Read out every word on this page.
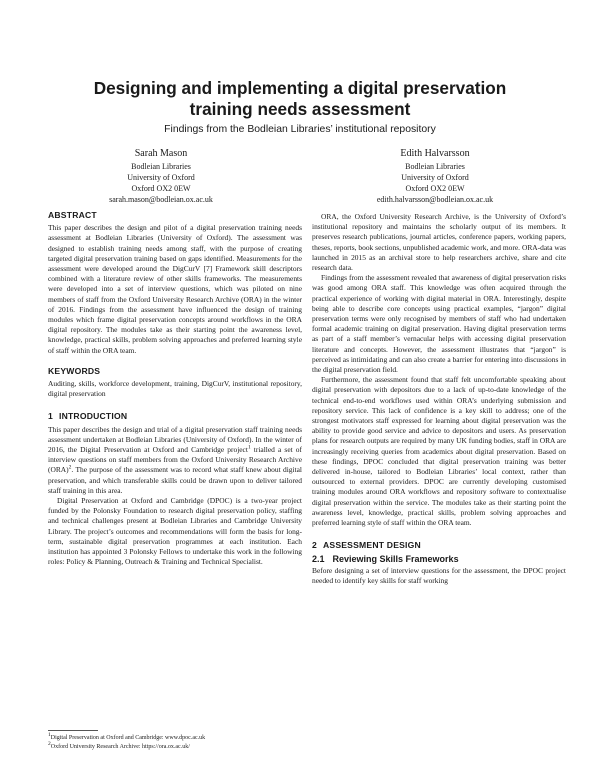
Designing and implementing a digital preservation training needs assessment
Findings from the Bodleian Libraries’ institutional repository
Sarah Mason
Bodleian Libraries
University of Oxford
Oxford OX2 0EW
sarah.mason@bodleian.ox.ac.uk
Edith Halvarsson
Bodleian Libraries
University of Oxford
Oxford OX2 0EW
edith.halvarsson@bodleian.ox.ac.uk
ABSTRACT

This paper describes the design and pilot of a digital preservation training needs assessment at Bodleian Libraries (University of Oxford). The assessment was designed to establish training needs among staff, with the purpose of creating targeted digital preservation training based on gaps identified. Measurements for the assessment were developed around the DigCurV [7] Framework skill descriptors combined with a literature review of other skills frameworks. The measurements were developed into a set of interview questions, which was piloted on nine members of staff from the Oxford University Research Archive (ORA) in the winter of 2016. Findings from the assessment have influenced the design of training modules which frame digital preservation concepts around workflows in the ORA digital repository. The modules take as their starting point the awareness level, knowledge, practical skills, problem solving approaches and preferred learning style of staff within the ORA team.

KEYWORDS

Auditing, skills, workforce development, training, DigCurV, institutional repository, digital preservation

1 INTRODUCTION

This paper describes the design and trial of a digital preservation staff training needs assessment undertaken at Bodleian Libraries (University of Oxford). In the winter of 2016, the Digital Preservation at Oxford and Cambridge project$^1$ trialled a set of interview questions on staff members from the Oxford University Research Archive (ORA)$^2$. The purpose of the assessment was to record what staff knew about digital preservation, and which transferable skills could be drawn upon to deliver tailored staff training in this area.

Digital Preservation at Oxford and Cambridge (DPOC) is a two-year project funded by the Polonsky Foundation to research digital preservation policy, staffing and technical challenges present at Bodleian Libraries and Cambridge University Library. The project’s outcomes and recommendations will form the basis for long-term, sustainable digital preservation programmes at each institution. Each institution has appointed 3 Polonsky Fellows to undertake this work in the following roles: Policy & Planning, Outreach & Training and Technical Specialist.

$^1$Digital Preservation at Oxford and Cambridge: www.dpoc.ac.uk
$^2$Oxford University Research Archive: https://ora.ox.ac.uk/

ORA, the Oxford University Research Archive, is the University of Oxford’s institutional repository and maintains the scholarly output of its members. It preserves research publications, journal articles, conference papers, working papers, theses, reports, book sections, unpublished academic work, and more. ORA-data was launched in 2015 as an archival store to help researchers archive, share and cite research data.

Findings from the assessment revealed that awareness of digital preservation risks was good among ORA staff. This knowledge was often acquired through the practical experience of working with digital material in ORA. Interestingly, despite being able to describe core concepts using practical examples, “jargon” digital preservation terms were only recognised by members of staff who had undertaken formal academic training on digital preservation. Having digital preservation terms as part of a staff member’s vernacular helps with accessing digital preservation literature and concepts. However, the assessment illustrates that “jargon” is perceived as intimidating and can also create a barrier for entering into discussions in the digital preservation field.

Furthermore, the assessment found that staff felt uncomfortable speaking about digital preservation with depositors due to a lack of up-to-date knowledge of the technical end-to-end workflows used within ORA’s underlying submission and repository service. This lack of confidence is a key skill to address; one of the strongest motivators staff expressed for learning about digital preservation was the ability to provide good service and advice to depositors and users. As preservation plans for research outputs are required by many UK funding bodies, staff in ORA are increasingly receiving queries from academics about digital preservation. Based on these findings, DPOC concluded that digital preservation training was better delivered in-house, tailored to Bodleian Libraries’ local context, rather than outsourced to external providers. DPOC are currently developing customised training modules around ORA workflows and repository software to contextualise digital preservation within the service. The modules take as their starting point the awareness level, knowledge, practical skills, problem solving approaches and preferred learning style of staff within the ORA team.

2 ASSESSMENT DESIGN
2.1 Reviewing Skills Frameworks

Before designing a set of interview questions for the assessment, the DPOC project needed to identify key skills for staff working
